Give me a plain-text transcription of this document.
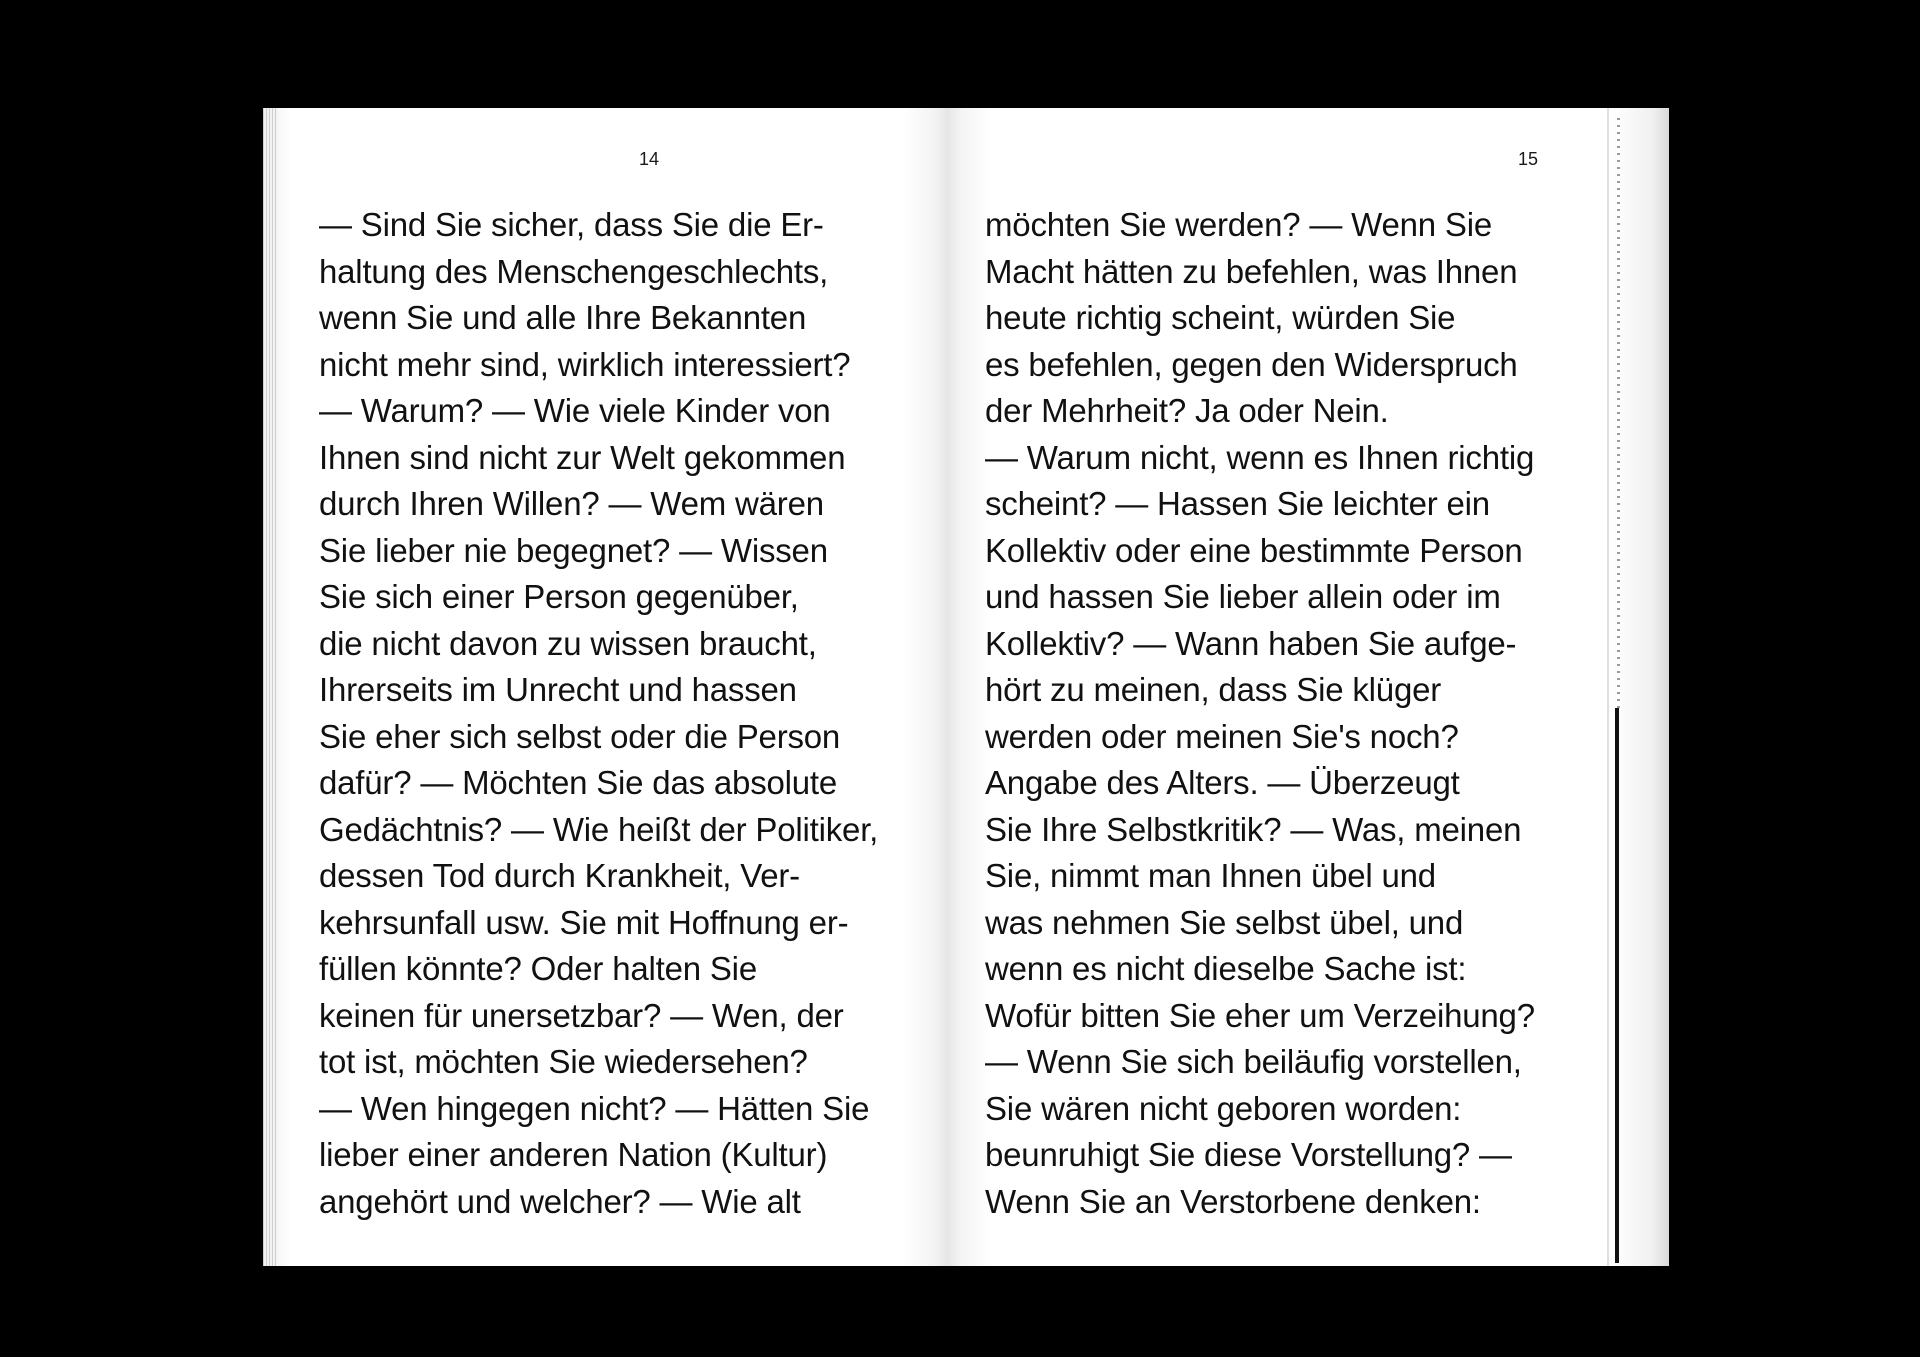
14
— Sind Sie sicher, dass Sie die Er-
haltung des Menschengeschlechts,
wenn Sie und alle Ihre Bekannten
nicht mehr sind, wirklich interessiert?
— Warum? — Wie viele Kinder von
Ihnen sind nicht zur Welt gekommen
durch Ihren Willen? — Wem wären
Sie lieber nie begegnet? — Wissen
Sie sich einer Person gegenüber,
die nicht davon zu wissen braucht,
Ihrerseits im Unrecht und hassen
Sie eher sich selbst oder die Person
dafür? — Möchten Sie das absolute
Gedächtnis? — Wie heißt der Politiker,
dessen Tod durch Krankheit, Ver-
kehrsunfall usw. Sie mit Hoffnung er-
füllen könnte? Oder halten Sie
keinen für unersetzbar? — Wen, der
tot ist, möchten Sie wiedersehen?
— Wen hingegen nicht? — Hätten Sie
lieber einer anderen Nation (Kultur)
angehört und welcher? — Wie alt
15
möchten Sie werden? — Wenn Sie
Macht hätten zu befehlen, was Ihnen
heute richtig scheint, würden Sie
es befehlen, gegen den Widerspruch
der Mehrheit? Ja oder Nein.
— Warum nicht, wenn es Ihnen richtig
scheint? — Hassen Sie leichter ein
Kollektiv oder eine bestimmte Person
und hassen Sie lieber allein oder im
Kollektiv? — Wann haben Sie aufge-
hört zu meinen, dass Sie klüger
werden oder meinen Sie's noch?
Angabe des Alters. — Überzeugt
Sie Ihre Selbstkritik? — Was, meinen
Sie, nimmt man Ihnen übel und
was nehmen Sie selbst übel, und
wenn es nicht dieselbe Sache ist:
Wofür bitten Sie eher um Verzeihung?
— Wenn Sie sich beiläufig vorstellen,
Sie wären nicht geboren worden:
beunruhigt Sie diese Vorstellung? —
Wenn Sie an Verstorbene denken:
